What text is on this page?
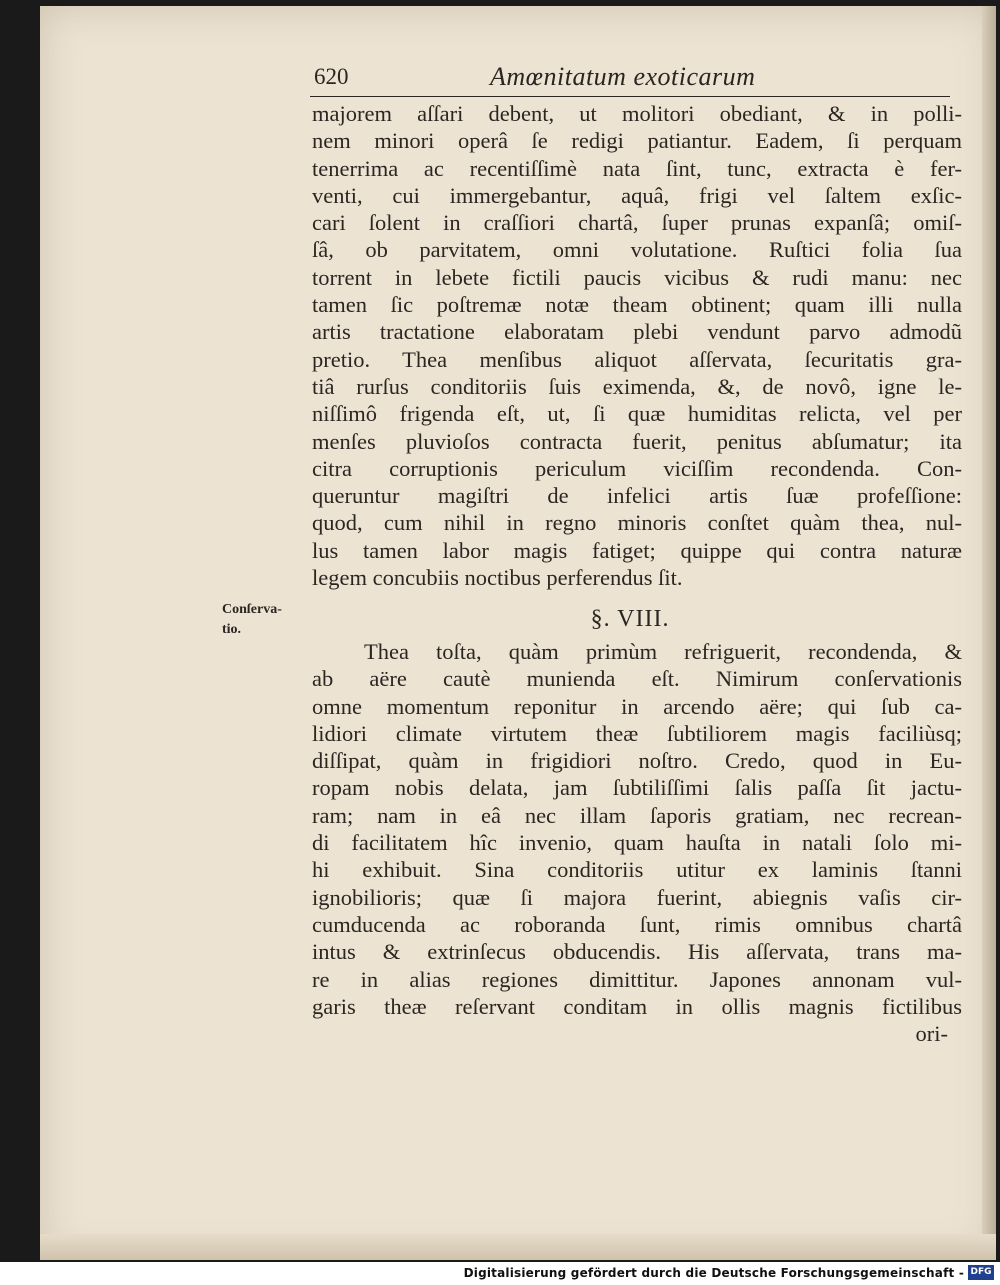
620	Amœnitatum exoticarum
majorem aſſari debent, ut molitori obediant, & in polli-
nem minori operâ ſe redigi patiantur. Eadem, ſi perquam
tenerrima ac recentiſſimè nata ſint, tunc, extracta è fer-
venti, cui immergebantur, aquâ, frigi vel ſaltem exſic-
cari ſolent in craſſiori chartâ, ſuper prunas expanſâ; omiſ-
ſâ, ob parvitatem, omni volutatione. Ruſtici folia ſua
torrent in lebete fictili paucis vicibus & rudi manu: nec
tamen ſic poſtremæ notæ theam obtinent; quam illi nulla
artis tractatione elaboratam plebi vendunt parvo admodũ
pretio. Thea menſibus aliquot aſſervata, ſecuritatis gra-
tiâ rurſus conditoriis ſuis eximenda, &, de novô, igne le-
niſſimô frigenda eſt, ut, ſi quæ humiditas relicta, vel per
menſes pluvioſos contracta fuerit, penitus abſumatur; ita
citra corruptionis periculum viciſſim recondenda. Con-
queruntur magiſtri de infelici artis ſuæ profeſſione:
quod, cum nihil in regno minoris conſtet quàm thea, nul-
lus tamen labor magis fatiget; quippe qui contra naturæ
legem concubiis noctibus perferendus ſit.
Conſerva-
tio.	§. VIII.
Thea toſta, quàm primùm refriguerit, recondenda, &
ab aëre cautè munienda eſt. Nimirum conſervationis
omne momentum reponitur in arcendo aëre; qui ſub ca-
lidiori climate virtutem theæ ſubtiliorem magis faciliùsq;
diſſipat, quàm in frigidiori noſtro. Credo, quod in Eu-
ropam nobis delata, jam ſubtiliſſimi ſalis paſſa ſit jactu-
ram; nam in eâ nec illam ſaporis gratiam, nec recrean-
di facilitatem hîc invenio, quam hauſta in natali ſolo mi-
hi exhibuit. Sina conditoriis utitur ex laminis ſtanni
ignobilioris; quæ ſi majora fuerint, abiegnis vaſis cir-
cumducenda ac roboranda ſunt, rimis omnibus chartâ
intus & extrinſecus obducendis. His aſſervata, trans ma-
re in alias regiones dimittitur. Japones annonam vul-
garis theæ reſervant conditam in ollis magnis fictilibus
ori-
Digitalisierung gefördert durch die Deutsche Forschungsgemeinschaft - DFG
